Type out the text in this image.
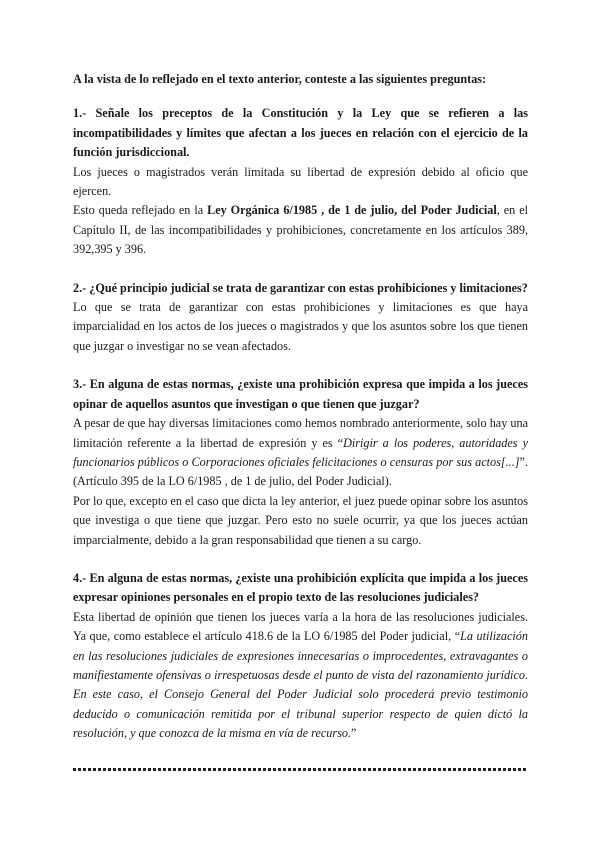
A la vista de lo reflejado en el texto anterior, conteste a las siguientes preguntas:

1.- Señale los preceptos de la Constitución y la Ley que se refieren a las incompatibilidades y límites que afectan a los jueces en relación con el ejercicio de la función jurisdiccional.

Los jueces o magistrados verán limitada su libertad de expresión debido al oficio que ejercen.

Esto queda reflejado en la Ley Orgánica 6/1985 , de 1 de julio, del Poder Judicial, en el Capítulo II, de las incompatibilidades y prohibiciones, concretamente en los artículos 389, 392,395 y 396.

2.- ¿Qué principio judicial se trata de garantizar con estas prohibiciones y limitaciones?

Lo que se trata de garantizar con estas prohibiciones y limitaciones es que haya imparcialidad en los actos de los jueces o magistrados y que los asuntos sobre los que tienen que juzgar o investigar no se vean afectados.

3.- En alguna de estas normas, ¿existe una prohibición expresa que impida a los jueces opinar de aquellos asuntos que investigan o que tienen que juzgar?

A pesar de que hay diversas limitaciones como hemos nombrado anteriormente, solo hay una limitación referente a la libertad de expresión y es “Dirigir a los poderes, autoridades y funcionarios públicos o Corporaciones oficiales felicitaciones o censuras por sus actos[...]”. (Artículo 395 de la LO 6/1985 , de 1 de julio, del Poder Judicial).

Por lo que, excepto en el caso que dicta la ley anterior, el juez puede opinar sobre los asuntos que investiga o que tiene que juzgar. Pero esto no suele ocurrir, ya que los jueces actúan imparcialmente, debido a la gran responsabilidad que tienen a su cargo.

4.- En alguna de estas normas, ¿existe una prohibición explícita que impida a los jueces expresar opiniones personales en el propio texto de las resoluciones judiciales?

Esta libertad de opinión que tienen los jueces varía a la hora de las resoluciones judiciales. Ya que, como establece el artículo 418.6 de la LO 6/1985 del Poder judicial, “La utilización en las resoluciones judiciales de expresiones innecesarias o improcedentes, extravagantes o manifiestamente ofensivas o irrespetuosas desde el punto de vista del razonamiento jurídico. En este caso, el Consejo General del Poder Judicial solo procederá previo testimonio deducido o comunicación remitida por el tribunal superior respecto de quien dictó la resolución, y que conozca de la misma en vía de recurso.”
